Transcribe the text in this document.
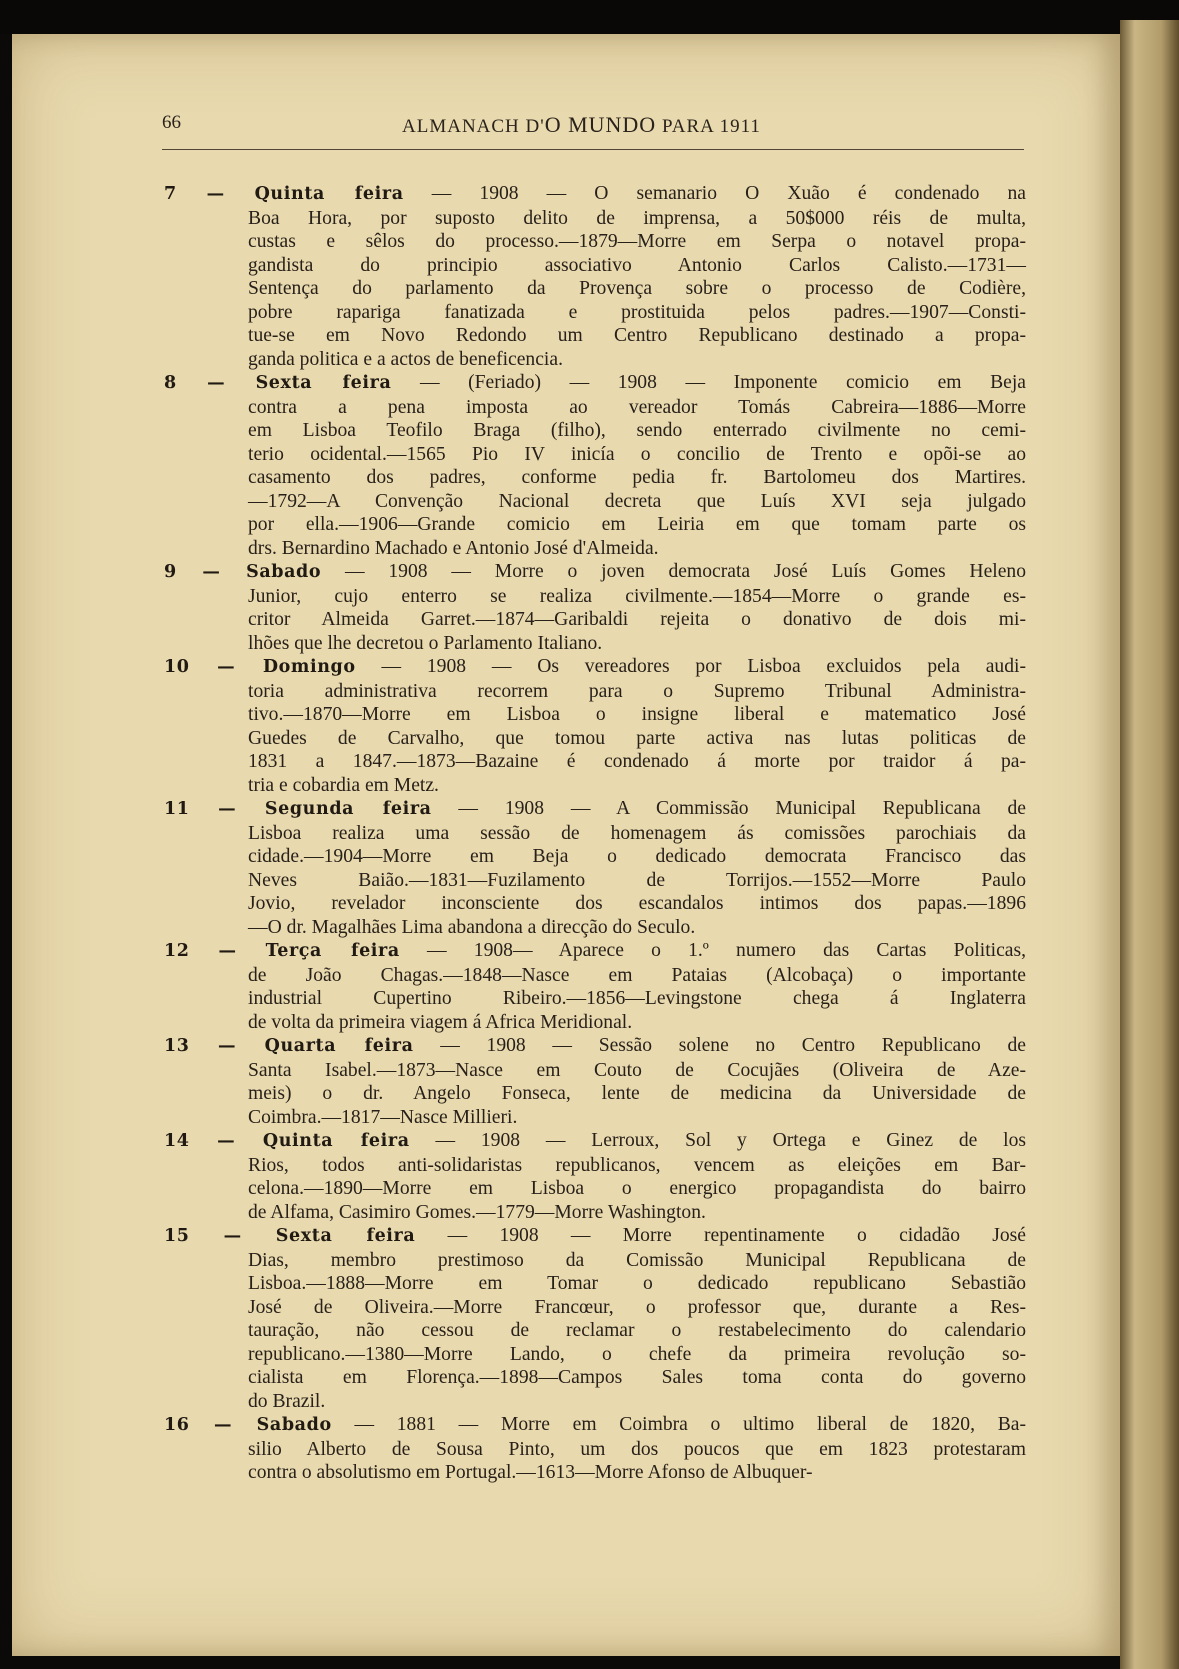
66	ALMANACH D'O MUNDO PARA 1911
7 — Quinta feira — 1908 — O semanario O Xuão é condenado na
Boa Hora, por suposto delito de imprensa, a 50$000 réis de multa,
custas e sêlos do processo.—1879—Morre em Serpa o notavel propa-
gandista do principio associativo Antonio Carlos Calisto.—1731—
Sentença do parlamento da Provença sobre o processo de Codière,
pobre rapariga fanatizada e prostituida pelos padres.—1907—Consti-
tue-se em Novo Redondo um Centro Republicano destinado a propa-
ganda politica e a actos de beneficencia.
8 — Sexta feira — (Feriado) — 1908 — Imponente comicio em Beja
contra a pena imposta ao vereador Tomás Cabreira—1886—Morre
em Lisboa Teofilo Braga (filho), sendo enterrado civilmente no cemi-
terio ocidental.—1565 Pio IV inicía o concilio de Trento e opõi-se ao
casamento dos padres, conforme pedia fr. Bartolomeu dos Martires.
—1792—A Convenção Nacional decreta que Luís XVI seja julgado
por ella.—1906—Grande comicio em Leiria em que tomam parte os
drs. Bernardino Machado e Antonio José d'Almeida.
9 — Sabado — 1908 — Morre o joven democrata José Luís Gomes Heleno
Junior, cujo enterro se realiza civilmente.—1854—Morre o grande es-
critor Almeida Garret.—1874—Garibaldi rejeita o donativo de dois mi-
lhões que lhe decretou o Parlamento Italiano.
10 — Domingo — 1908 — Os vereadores por Lisboa excluidos pela audi-
toria administrativa recorrem para o Supremo Tribunal Administra-
tivo.—1870—Morre em Lisboa o insigne liberal e matematico José
Guedes de Carvalho, que tomou parte activa nas lutas politicas de
1831 a 1847.—1873—Bazaine é condenado á morte por traidor á pa-
tria e cobardia em Metz.
11 — Segunda feira — 1908 — A Commissão Municipal Republicana de
Lisboa realiza uma sessão de homenagem ás comissões parochiais da
cidade.—1904—Morre em Beja o dedicado democrata Francisco das
Neves Baião.—1831—Fuzilamento de Torrijos.—1552—Morre Paulo
Jovio, revelador inconsciente dos escandalos intimos dos papas.—1896
—O dr. Magalhães Lima abandona a direcção do Seculo.
12 — Terça feira — 1908— Aparece o 1.º numero das Cartas Politicas,
de João Chagas.—1848—Nasce em Pataias (Alcobaça) o importante
industrial Cupertino Ribeiro.—1856—Levingstone chega á Inglaterra
de volta da primeira viagem á Africa Meridional.
13 — Quarta feira — 1908 — Sessão solene no Centro Republicano de
Santa Isabel.—1873—Nasce em Couto de Cocujães (Oliveira de Aze-
meis) o dr. Angelo Fonseca, lente de medicina da Universidade de
Coimbra.—1817—Nasce Millieri.
14 — Quinta feira — 1908 — Lerroux, Sol y Ortega e Ginez de los
Rios, todos anti-solidaristas republicanos, vencem as eleições em Bar-
celona.—1890—Morre em Lisboa o energico propagandista do bairro
de Alfama, Casimiro Gomes.—1779—Morre Washington.
15 — Sexta feira — 1908 — Morre repentinamente o cidadão José
Dias, membro prestimoso da Comissão Municipal Republicana de
Lisboa.—1888—Morre em Tomar o dedicado republicano Sebastião
José de Oliveira.—Morre Francœur, o professor que, durante a Res-
tauração, não cessou de reclamar o restabelecimento do calendario
republicano.—1380—Morre Lando, o chefe da primeira revolução so-
cialista em Florença.—1898—Campos Sales toma conta do governo
do Brazil.
16 — Sabado — 1881 — Morre em Coimbra o ultimo liberal de 1820, Ba-
silio Alberto de Sousa Pinto, um dos poucos que em 1823 protestaram
contra o absolutismo em Portugal.—1613—Morre Afonso de Albuquer-
